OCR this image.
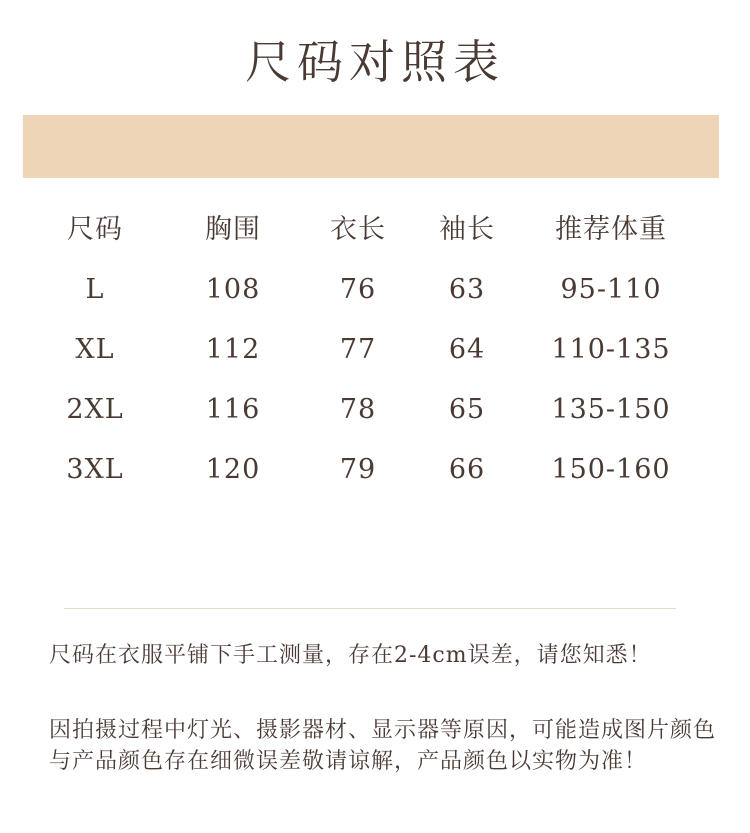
尺码对照表
尺码	胸围	衣长	袖长	推荐体重
L	108	76	63	95-110
XL	112	77	64	110-135
2XL	116	78	65	135-150
3XL	120	79	66	150-160
尺码在衣服平铺下手工测量，存在2-4cm误差，请您知悉！
因拍摄过程中灯光、摄影器材、显示器等原因，可能造成图片颜色与产品颜色存在细微误差敬请谅解，产品颜色以实物为准！
